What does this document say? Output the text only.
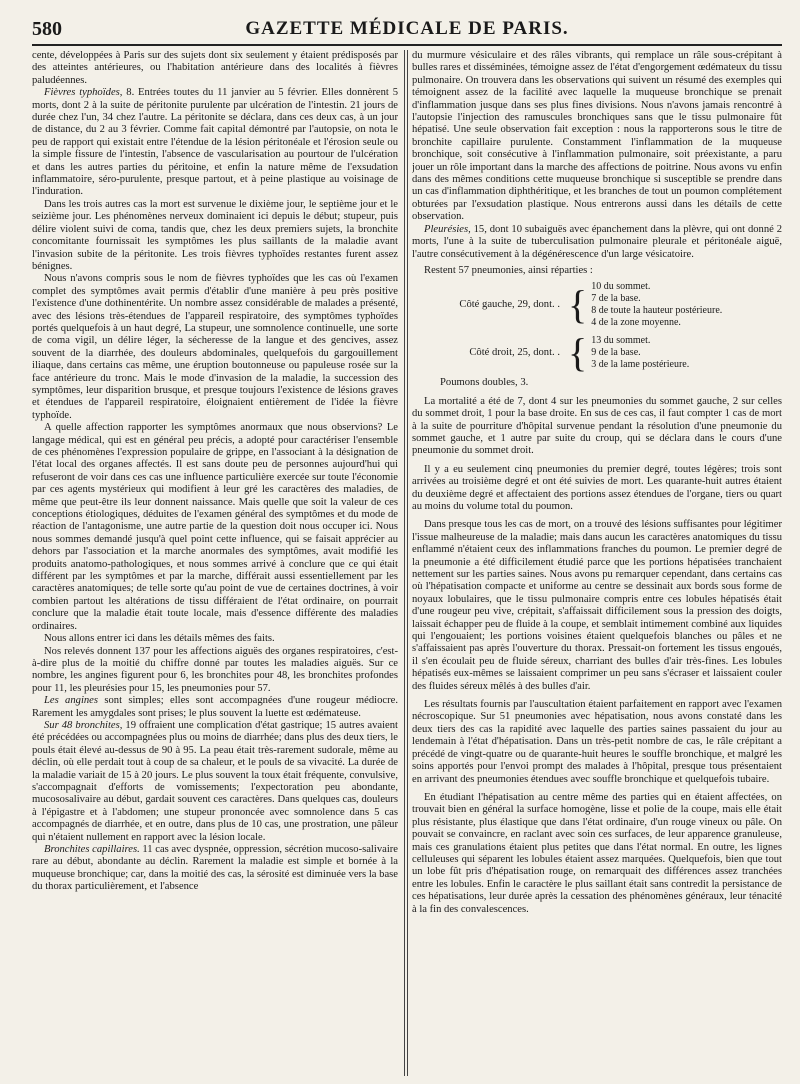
580	GAZETTE MÉDICALE DE PARIS.

cente, développées à Paris sur des sujets dont six seulement y étaient prédisposés par des atteintes antérieures, ou l'habitation antérieure dans des localités à fièvres paludéennes.

Fièvres typhoïdes, 8. Entrées toutes du 11 janvier au 5 février. Elles donnèrent 5 morts, dont 2 à la suite de péritonite purulente par ulcération de l'intestin. 21 jours de durée chez l'un, 34 chez l'autre. La péritonite se déclara, dans ces deux cas, à un jour de distance, du 2 au 3 février. Comme fait capital démontré par l'autopsie, on nota le peu de rapport qui existait entre l'étendue de la lésion péritonéale et l'érosion seule ou la simple fissure de l'intestin, l'absence de vascularisation au pourtour de l'ulcération et dans les autres parties du péritoine, et enfin la nature même de l'exsudation inflammatoire, séro-purulente, presque partout, et à peine plastique au voisinage de l'induration.

Dans les trois autres cas la mort est survenue le dixième jour, le septième jour et le seizième jour. Les phénomènes nerveux dominaient ici depuis le début; stupeur, puis délire violent suivi de coma, tandis que, chez les deux premiers sujets, la bronchite concomitante fournissait les symptômes les plus saillants de la maladie avant l'invasion subite de la péritonite. Les trois fièvres typhoïdes restantes furent assez bénignes.

Nous n'avons compris sous le nom de fièvres typhoïdes que les cas où l'examen complet des symptômes avait permis d'établir d'une manière à peu près positive l'existence d'une dothinentérite. Un nombre assez considérable de malades a présenté, avec des lésions très-étendues de l'appareil respiratoire, des symptômes typhoïdes portés quelquefois à un haut degré, La stupeur, une somnolence continuelle, une sorte de coma vigil, un délire léger, la sécheresse de la langue et des gencives, assez souvent de la diarrhée, des douleurs abdominales, quelquefois du gargouillement iliaque, dans certains cas même, une éruption boutonneuse ou papuleuse rosée sur la face antérieure du tronc. Mais le mode d'invasion de la maladie, la succession des symptômes, leur disparition brusque, et presque toujours l'existence de lésions graves et étendues de l'appareil respiratoire, éloignaient entièrement de l'idée la fièvre typhoïde.

A quelle affection rapporter les symptômes anormaux que nous observions? Le langage médical, qui est en général peu précis, a adopté pour caractériser l'ensemble de ces phénomènes l'expression populaire de grippe, en l'associant à la désignation de l'état local des organes affectés. Il est sans doute peu de personnes aujourd'hui qui refuseront de voir dans ces cas une influence particulière exercée sur toute l'économie par ces agents mystérieux qui modifient à leur gré les caractères des maladies, de même que peut-être ils leur donnent naissance. Mais quelle que soit la valeur de ces conceptions étiologiques, déduites de l'examen général des symptômes et du mode de réaction de l'antagonisme, une autre partie de la question doit nous occuper ici. Nous nous sommes demandé jusqu'à quel point cette influence, qui se faisait apprécier au dehors par l'association et la marche anormales des symptômes, avait modifié les produits anatomo-pathologiques, et nous sommes arrivé à conclure que ce qui était différent par les symptômes et par la marche, différait aussi essentiellement par les caractères anatomiques; de telle sorte qu'au point de vue de certaines doctrines, à voir combien partout les altérations de tissu différaient de l'état ordinaire, on pourrait conclure que la maladie était toute locale, mais d'essence différente des maladies ordinaires.

Nous allons entrer ici dans les détails mêmes des faits.

Nos relevés donnent 137 pour les affections aiguës des organes respiratoires, c'est-à-dire plus de la moitié du chiffre donné par toutes les maladies aiguës. Sur ce nombre, les angines figurent pour 6, les bronchites pour 48, les bronchites profondes pour 11, les pleurésies pour 15, les pneumonies pour 57.

Les angines sont simples; elles sont accompagnées d'une rougeur médiocre. Rarement les amygdales sont prises; le plus souvent la luette est œdémateuse.

Sur 48 bronchites, 19 offraient une complication d'état gastrique; 15 autres avaient été précédées ou accompagnées plus ou moins de diarrhée; dans plus des deux tiers, le pouls était élevé au-dessus de 90 à 95. La peau était très-rarement sudorale, même au déclin, où elle perdait tout à coup de sa chaleur, et le pouls de sa vivacité. La durée de la maladie variait de 15 à 20 jours. Le plus souvent la toux était fréquente, convulsive, s'accompagnait d'efforts de vomissements; l'expectoration peu abondante, mucososalivaire au début, gardait souvent ces caractères. Dans quelques cas, douleurs à l'épigastre et à l'abdomen; une stupeur prononcée avec somnolence dans 5 cas accompagnés de diarrhée, et en outre, dans plus de 10 cas, une prostration, une pâleur qui n'étaient nullement en rapport avec la lésion locale.

Bronchites capillaires. 11 cas avec dyspnée, oppression, sécrétion mucoso-salivaire rare au début, abondante au déclin. Rarement la maladie est simple et bornée à la muqueuse bronchique; car, dans la moitié des cas, la sérosité est diminuée vers la base du thorax particulièrement, et l'absence

du murmure vésiculaire et des râles vibrants, qui remplace un râle sous-crépitant à bulles rares et disséminées, témoigne assez de l'état d'engorgement œdémateux du tissu pulmonaire. On trouvera dans les observations qui suivent un résumé des exemples qui témoignent assez de la facilité avec laquelle la muqueuse bronchique se prenait d'inflammation jusque dans ses plus fines divisions. Nous n'avons jamais rencontré à l'autopsie l'injection des ramuscules bronchiques sans que le tissu pulmonaire fût hépatisé. Une seule observation fait exception : nous la rapporterons sous le titre de bronchite capillaire purulente. Constamment l'inflammation de la muqueuse bronchique, soit consécutive à l'inflammation pulmonaire, soit préexistante, a paru jouer un rôle important dans la marche des affections de poitrine. Nous avons vu enfin dans des mêmes conditions cette muqueuse bronchique si susceptible se prendre dans un cas d'inflammation diphthéritique, et les branches de tout un poumon complétement obturées par l'exsudation plastique. Nous entrerons aussi dans les détails de cette observation.

Pleurésies, 15, dont 10 subaiguës avec épanchement dans la plèvre, qui ont donné 2 morts, l'une à la suite de tuberculisation pulmonaire pleurale et péritonéale aiguë, l'autre consécutivement à la dégénérescence d'un large vésicatoire.

Restent 57 pneumonies, ainsi réparties :

Côté gauche, 29, dont. . { 10 du sommet.
7 de la base.
8 de toute la hauteur postérieure.
4 de la zone moyenne.
Côté droit, 25, dont. . { 13 du sommet.
9 de la base.
3 de la lame postérieure.

Poumons doubles, 3.

La mortalité a été de 7, dont 4 sur les pneumonies du sommet gauche, 2 sur celles du sommet droit, 1 pour la base droite. En sus de ces cas, il faut compter 1 cas de mort à la suite de pourriture d'hôpital survenue pendant la résolution d'une pneumonie du sommet gauche, et 1 autre par suite du croup, qui se déclara dans le cours d'une pneumonie du sommet droit.

Il y a eu seulement cinq pneumonies du premier degré, toutes légères; trois sont arrivées au troisième degré et ont été suivies de mort. Les quarante-huit autres étaient du deuxième degré et affectaient des portions assez étendues de l'organe, tiers ou quart au moins du volume total du poumon.

Dans presque tous les cas de mort, on a trouvé des lésions suffisantes pour légitimer l'issue malheureuse de la maladie; mais dans aucun les caractères anatomiques du tissu enflammé n'étaient ceux des inflammations franches du poumon. Le premier degré de la pneumonie a été difficilement étudié parce que les portions hépatisées tranchaient nettement sur les parties saines. Nous avons pu remarquer cependant, dans certains cas où l'hépatisation compacte et uniforme au centre se dessinait aux bords sous forme de noyaux lobulaires, que le tissu pulmonaire compris entre ces lobules hépatisés était d'une rougeur peu vive, crépitait, s'affaissait difficilement sous la pression des doigts, laissait échapper peu de fluide à la coupe, et semblait intimement combiné aux liquides qui l'engouaient; les portions voisines étaient quelquefois blanches ou pâles et ne s'affaissaient pas après l'ouverture du thorax. Pressait-on fortement les tissus engoués, il s'en écoulait peu de fluide séreux, charriant des bulles d'air très-fines. Les lobules hépatisés eux-mêmes se laissaient comprimer un peu sans s'écraser et laissaient couler des fluides séreux mêlés à des bulles d'air.

Les résultats fournis par l'auscultation étaient parfaitement en rapport avec l'examen nécroscopique. Sur 51 pneumonies avec hépatisation, nous avons constaté dans les deux tiers des cas la rapidité avec laquelle des parties saines passaient du jour au lendemain à l'état d'hépatisation. Dans un très-petit nombre de cas, le râle crépitant a précédé de vingt-quatre ou de quarante-huit heures le souffle bronchique, et malgré les soins apportés pour l'envoi prompt des malades à l'hôpital, presque tous présentaient en arrivant des pneumonies étendues avec souffle bronchique et quelquefois tubaire.

En étudiant l'hépatisation au centre même des parties qui en étaient affectées, on trouvait bien en général la surface homogène, lisse et polie de la coupe, mais elle était plus résistante, plus élastique que dans l'état ordinaire, d'un rouge vineux ou pâle. On pouvait se convaincre, en raclant avec soin ces surfaces, de leur apparence granuleuse, mais ces granulations étaient plus petites que dans l'état normal. En outre, les lignes celluleuses qui séparent les lobules étaient assez marquées. Quelquefois, bien que tout un lobe fût pris d'hépatisation rouge, on remarquait des différences assez tranchées entre les lobules. Enfin le caractère le plus saillant était sans contredit la persistance de ces hépatisations, leur durée après la cessation des phénomènes généraux, leur ténacité à la fin des convalescences.
